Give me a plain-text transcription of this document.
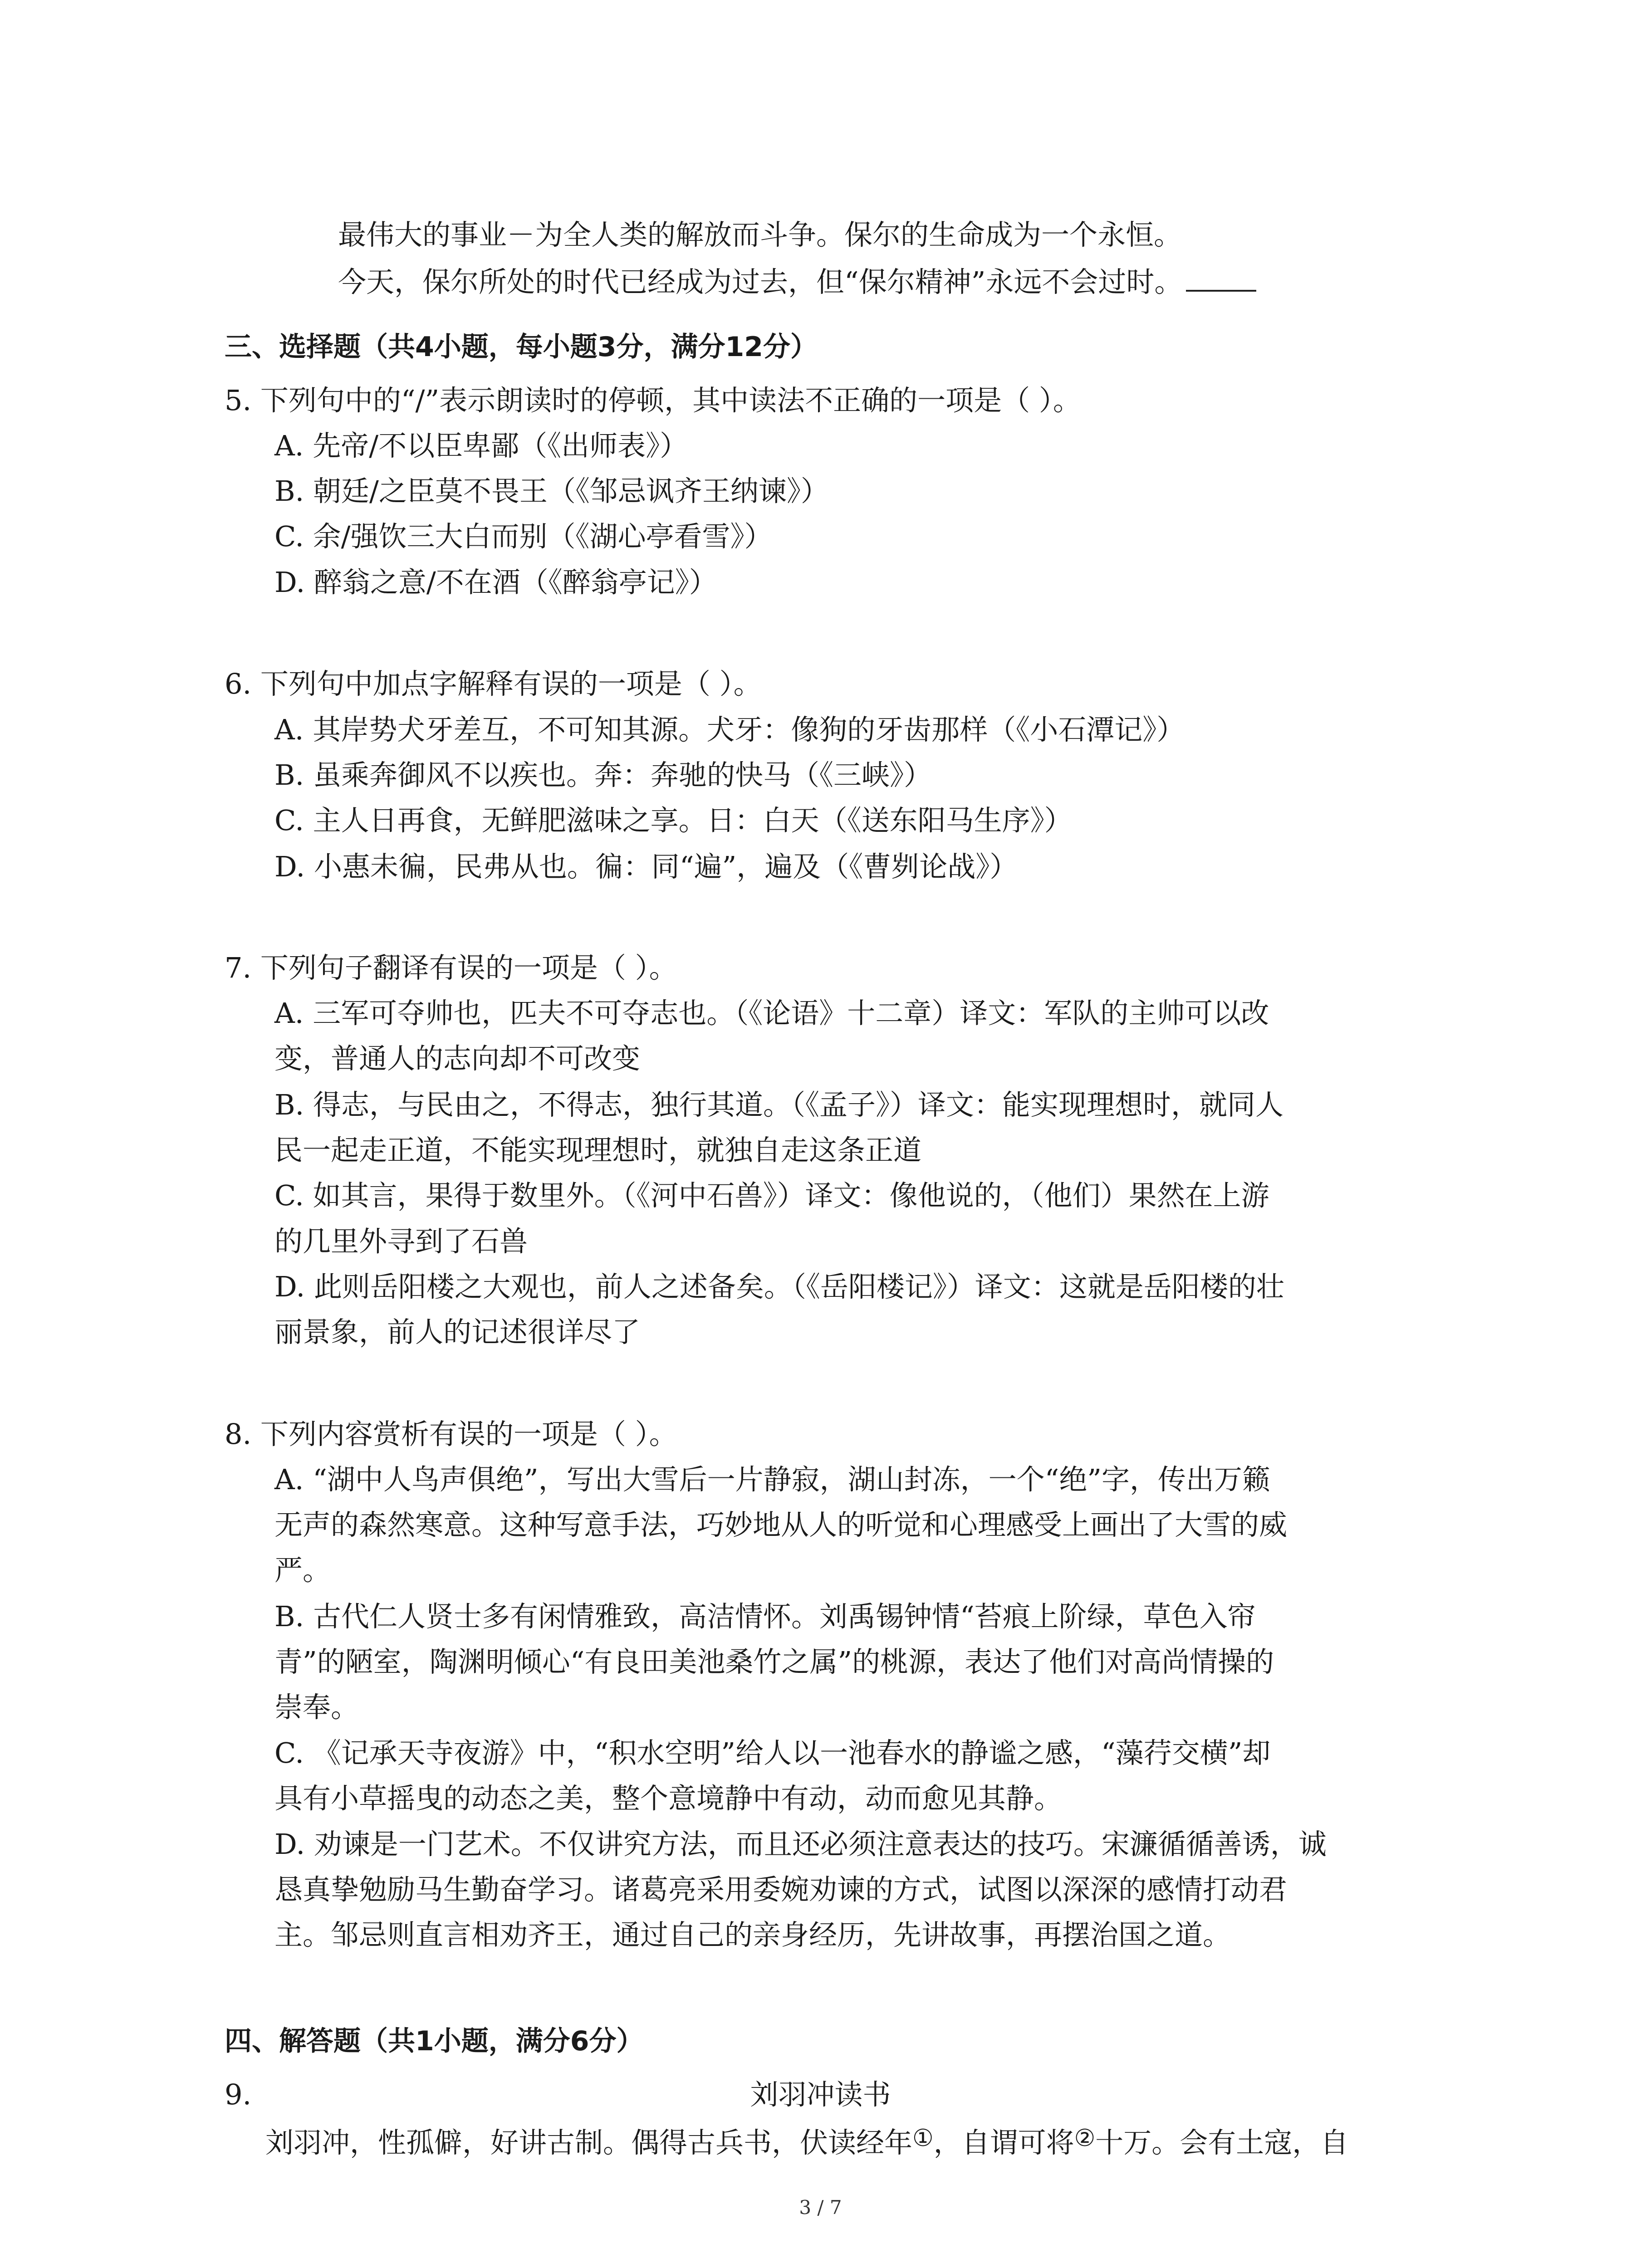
最伟大的事业－为全人类的解放而斗争。保尔的生命成为一个永恒。
今天，保尔所处的时代已经成为过去，但“保尔精神”永远不会过时。
三、选择题（共4小题，每小题3分，满分12分）
5. 下列句中的“/”表示朗读时的停顿，其中读法不正确的一项是（ ）。
A. 先帝/不以臣卑鄙（《出师表》）
B. 朝廷/之臣莫不畏王（《邹忌讽齐王纳谏》）
C. 余/强饮三大白而别（《湖心亭看雪》）
D. 醉翁之意/不在酒（《醉翁亭记》）
6. 下列句中加点字解释有误的一项是（ ）。
A. 其岸势犬牙差互，不可知其源。犬牙：像狗的牙齿那样（《小石潭记》）
B. 虽乘奔御风不以疾也。奔：奔驰的快马（《三峡》）
C. 主人日再食，无鲜肥滋味之享。日：白天（《送东阳马生序》）
D. 小惠未徧，民弗从也。徧：同“遍”，遍及（《曹刿论战》）
7. 下列句子翻译有误的一项是（ ）。
A. 三军可夺帅也，匹夫不可夺志也。（《论语》十二章）译文：军队的主帅可以改
变，普通人的志向却不可改变
B. 得志，与民由之，不得志，独行其道。（《孟子》）译文：能实现理想时，就同人
民一起走正道，不能实现理想时，就独自走这条正道
C. 如其言，果得于数里外。（《河中石兽》）译文：像他说的，（他们）果然在上游
的几里外寻到了石兽
D. 此则岳阳楼之大观也，前人之述备矣。（《岳阳楼记》）译文：这就是岳阳楼的壮
丽景象，前人的记述很详尽了
8. 下列内容赏析有误的一项是（ ）。
A. “湖中人鸟声俱绝”，写出大雪后一片静寂，湖山封冻，一个“绝”字，传出万籁
无声的森然寒意。这种写意手法，巧妙地从人的听觉和心理感受上画出了大雪的威
严。
B. 古代仁人贤士多有闲情雅致，高洁情怀。刘禹锡钟情“苔痕上阶绿，草色入帘
青”的陋室，陶渊明倾心“有良田美池桑竹之属”的桃源，表达了他们对高尚情操的
崇奉。
C. 《记承天寺夜游》中，“积水空明”给人以一池春水的静谧之感，“藻荇交横”却
具有小草摇曳的动态之美，整个意境静中有动，动而愈见其静。
D. 劝谏是一门艺术。不仅讲究方法，而且还必须注意表达的技巧。宋濂循循善诱，诚
恳真挚勉励马生勤奋学习。诸葛亮采用委婉劝谏的方式，试图以深深的感情打动君
主。邹忌则直言相劝齐王，通过自己的亲身经历，先讲故事，再摆治国之道。
四、解答题（共1小题，满分6分）
9.	刘羽冲读书
刘羽冲，性孤僻，好讲古制。偶得古兵书，伏读经年①，自谓可将②十万。会有土寇，自
3 / 7
